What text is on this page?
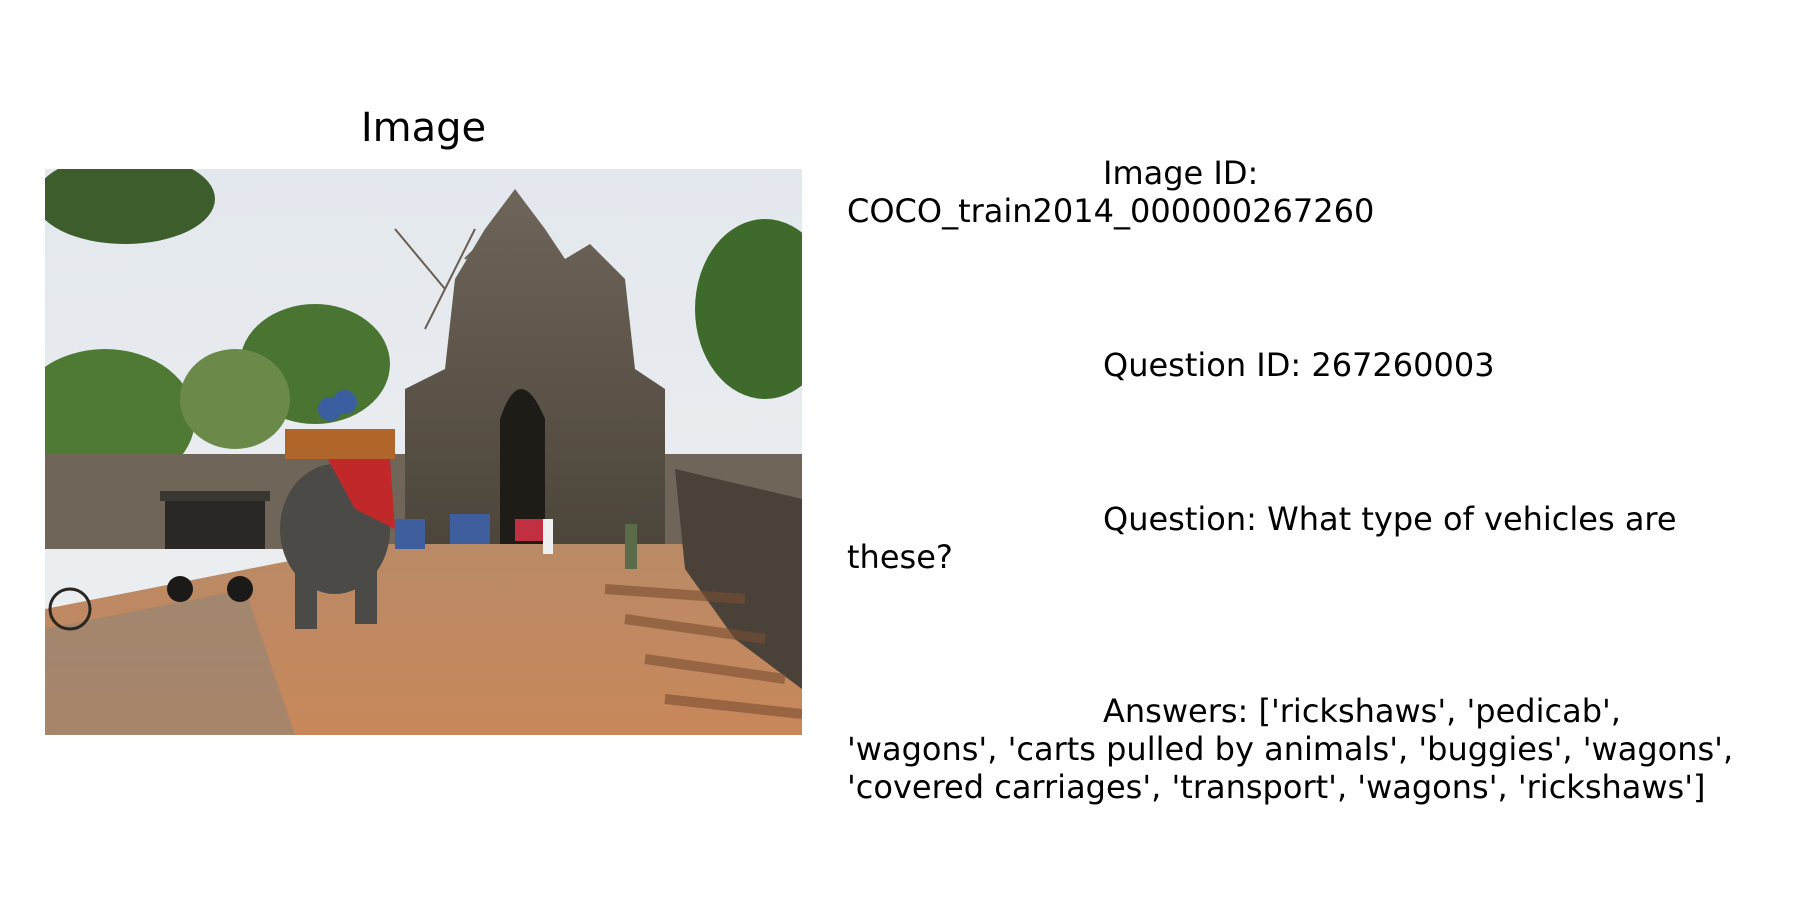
Image

Image ID:
COCO_train2014_000000267260

Question ID: 267260003

Question: What type of vehicles are
these?

Answers: ['rickshaws', 'pedicab',
'wagons', 'carts pulled by animals', 'buggies', 'wagons',
'covered carriages', 'transport', 'wagons', 'rickshaws']
